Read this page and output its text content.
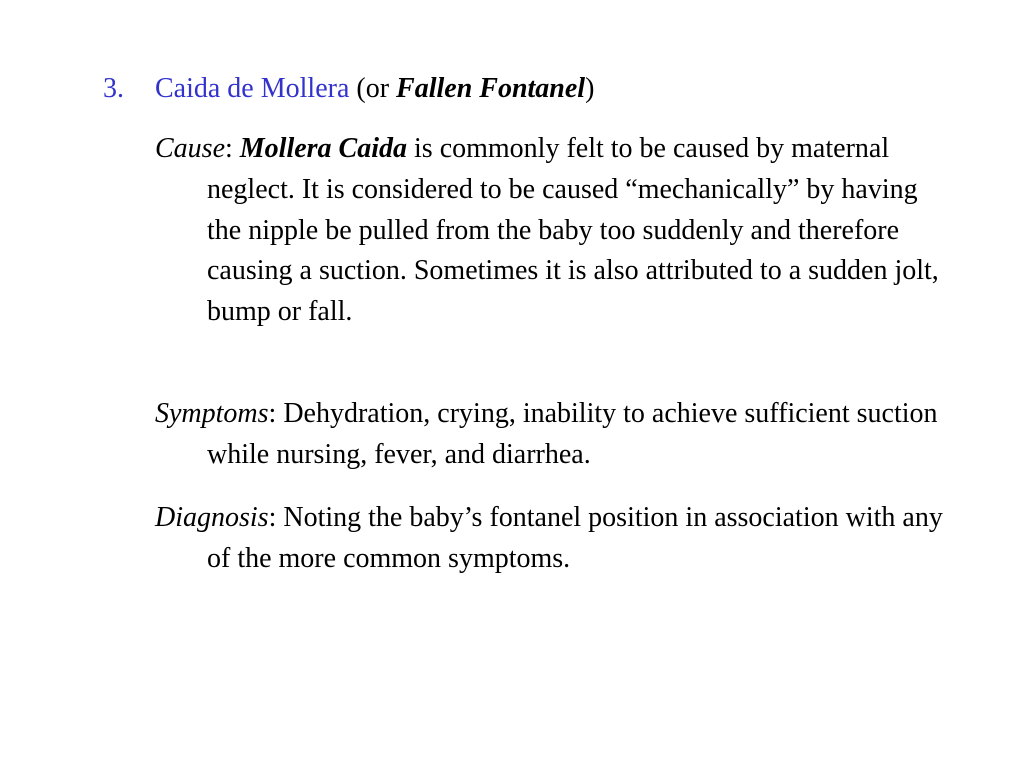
3. Caida de Mollera (or Fallen Fontanel)
Cause: Mollera Caida is commonly felt to be caused by maternal neglect. It is considered to be caused “mechanically” by having the nipple be pulled from the baby too suddenly and therefore causing a suction. Sometimes it is also attributed to a sudden jolt, bump or fall.
Symptoms: Dehydration, crying, inability to achieve sufficient suction while nursing, fever, and diarrhea.
Diagnosis: Noting the baby’s fontanel position in association with any of the more common symptoms.
